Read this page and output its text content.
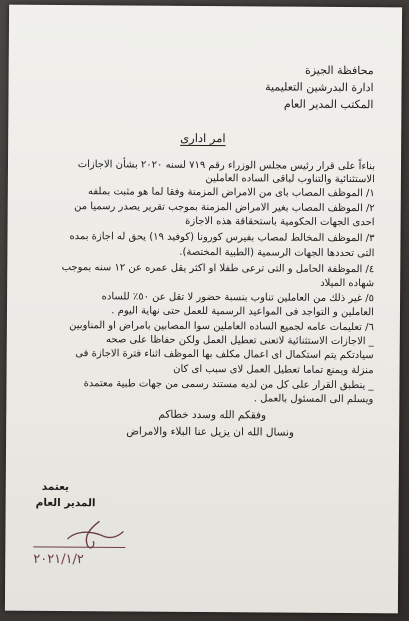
محافظة الجيزة
ادارة البدرشين التعليمية
المكتب المدير العام
امر ادارى
بناءاً على قرار رئيس مجلس الوزراء رقم ٧١٩ لسنه ٢٠٢٠ بشأن الاجازات
الاستثنائية والتناوب لباقى الساده العاملين
١/ الموظف المصاب باى من الامراض المزمنة وفقا لما هو مثبت بملفه
٢/ الموظف المصاب بغير الامراض المزمنة بموجب تقرير يصدر رسميا من
احدى الجهات الحكومية باستحقاقة هذه الاجازة
٣/ الموظف المخالط لمصاب بفيرس كورونا (كوفيد ١٩) يحق له اجازة بمده
التى تحددها الجهات الرسمية (الطبية المختصة).
٤/ الموظفة الحامل و التى ترعى طفلا او اكثر يقل عمره عن ١٢ سنه بموجب
شهاده الميلاد
٥/ غير ذلك من العاملين تناوب بنسبة حضور لا تقل عن ٥٠٪ للساده
العاملين و التواجد فى المواعيد الرسمية للعمل حتى نهاية اليوم .
٦/ تعليمات عامه لجميع الساده العاملين سوا المصابين بامراض او المناوبين
_ الاجازات الاستثنائية لاتعنى تعطيل العمل ولكن حفاظا على صحه
سيادتكم يتم استكمال اى اعمال مكلف بها الموظف اثناء فترة الاجازة فى
منزلة ويمنع تماما تعطيل العمل لاى سبب اى كان
_ ينطبق القرار على كل من لديه مستند رسمى من جهات طبية معتمدة
ويسلم الى المسئول بالعمل .
وفقكم الله وسدد خطاكم
ونسال الله ان يزيل عنا البلاء والامراض
يعتمد
المدير العام
٢٠٢١/١/٢
